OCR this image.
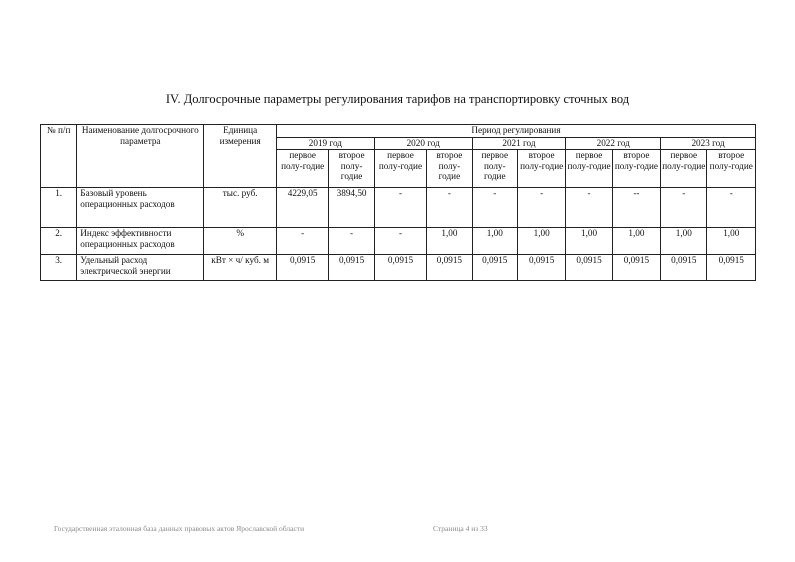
IV. Долгосрочные параметры регулирования тарифов на транспортировку сточных вод
№ п/п	Наименование долгосрочного параметра	Единица измерения	Период регулирования									
			2019 год		2020 год		2021 год		2022 год		2023 год	
			первое полу-годие	второе полу-годие	первое полу-годие	второе полу-годие	первое полу-годие	второе полу-годие	первое полу-годие	второе полу-годие	первое полу-годие	второе полу-годие
1.	Базовый уровень операционных расходов	тыс. руб.	4229,05	3894,50	-	-	-	-	-	--	-	-
2.	Индекс эффективности операционных расходов	%	-	-	-	1,00	1,00	1,00	1,00	1,00	1,00	1,00
3.	Удельный расход электрической энергии	кВт × ч/ куб. м	0,0915	0,0915	0,0915	0,0915	0,0915	0,0915	0,0915	0,0915	0,0915	0,0915
Государственная эталонная база данных правовых актов Ярославской области	Страница 4 из 33
